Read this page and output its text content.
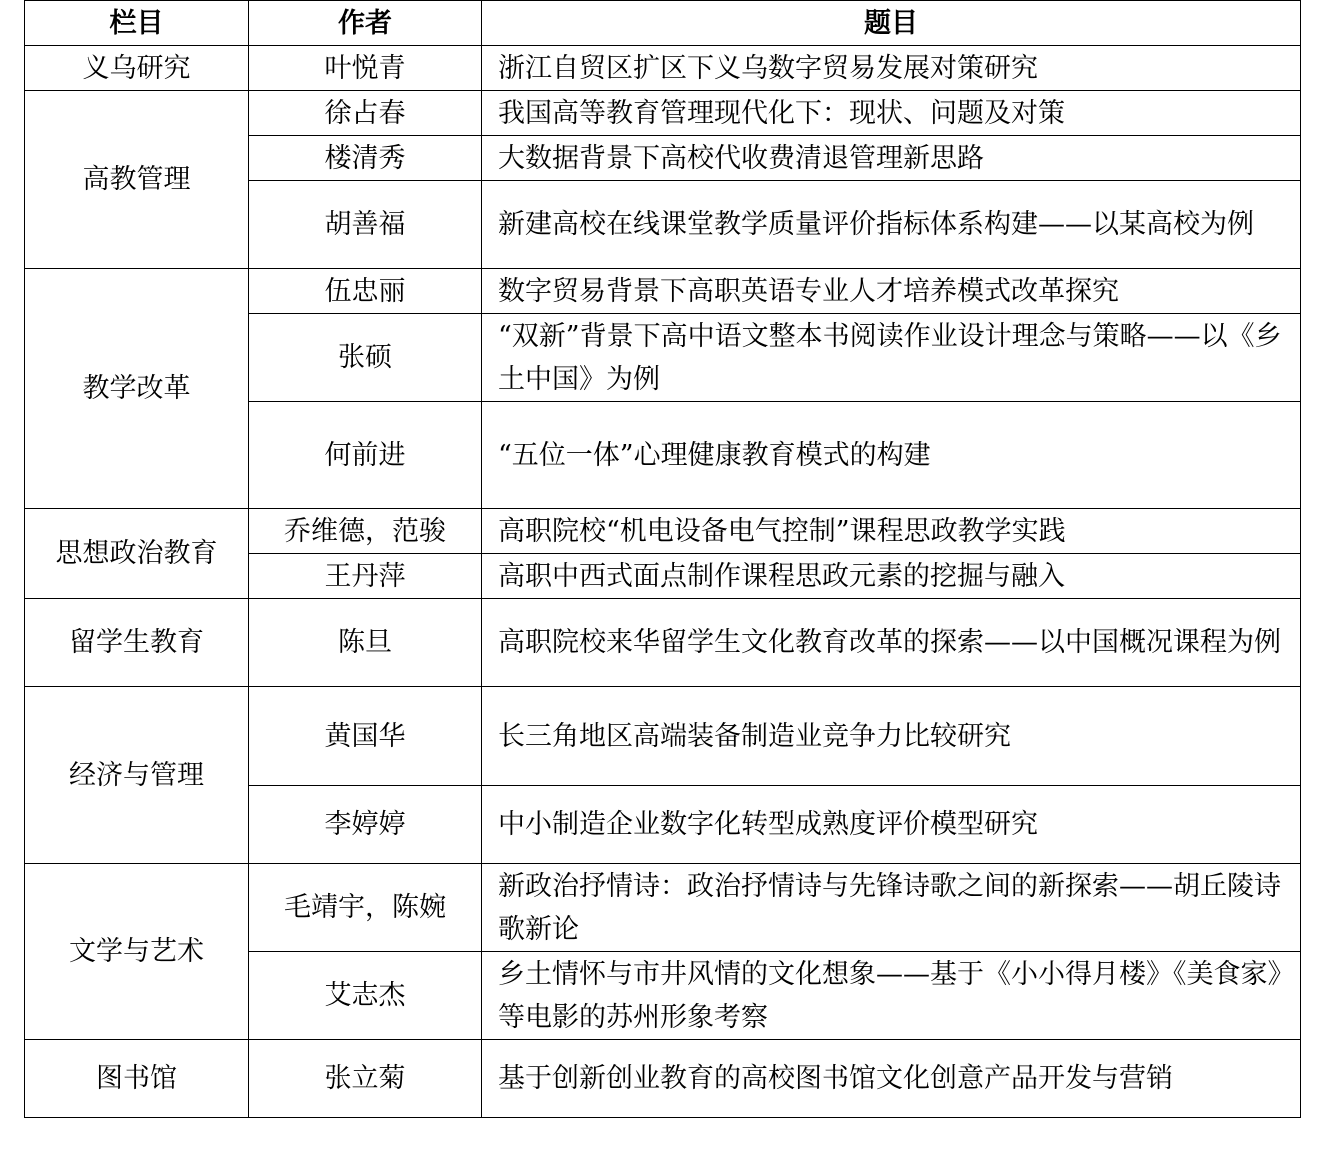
栏目	作者	题目
义乌研究	叶悦青	浙江自贸区扩区下义乌数字贸易发展对策研究
高教管理	徐占春	我国高等教育管理现代化下：现状、问题及对策
	楼清秀	大数据背景下高校代收费清退管理新思路
	胡善福	新建高校在线课堂教学质量评价指标体系构建——以某高校为例
教学改革	伍忠丽	数字贸易背景下高职英语专业人才培养模式改革探究
	张硕	“双新”背景下高中语文整本书阅读作业设计理念与策略——以《乡土中国》为例
	何前进	“五位一体”心理健康教育模式的构建
思想政治教育	乔维德，范骏	高职院校“机电设备电气控制”课程思政教学实践
	王丹萍	高职中西式面点制作课程思政元素的挖掘与融入
留学生教育	陈旦	高职院校来华留学生文化教育改革的探索——以中国概况课程为例
经济与管理	黄国华	长三角地区高端装备制造业竞争力比较研究
	李婷婷	中小制造企业数字化转型成熟度评价模型研究
文学与艺术	毛靖宇，陈婉	新政治抒情诗：政治抒情诗与先锋诗歌之间的新探索——胡丘陵诗歌新论
	艾志杰	乡土情怀与市井风情的文化想象——基于《小小得月楼》《美食家》等电影的苏州形象考察
图书馆	张立菊	基于创新创业教育的高校图书馆文化创意产品开发与营销
